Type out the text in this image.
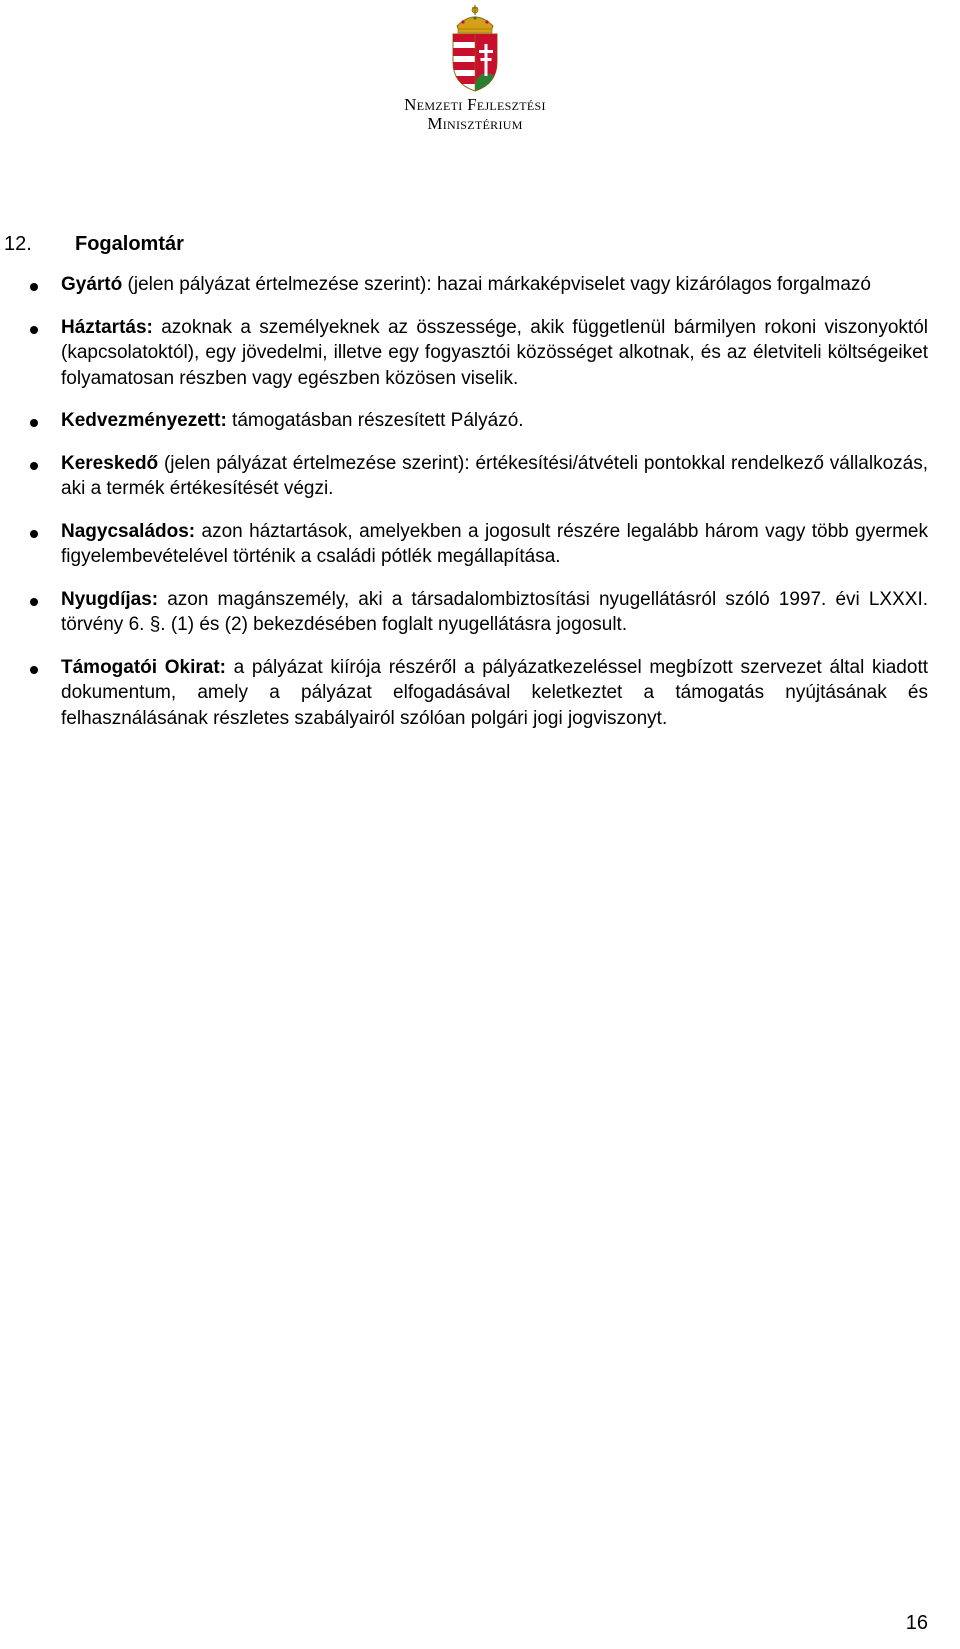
Nemzeti Fejlesztési
Minisztérium
12. Fogalomtár
Gyártó (jelen pályázat értelmezése szerint): hazai márkaképviselet vagy kizárólagos forgalmazó
Háztartás: azoknak a személyeknek az összessége, akik függetlenül bármilyen rokoni viszonyoktól (kapcsolatoktól), egy jövedelmi, illetve egy fogyasztói közösséget alkotnak, és az életviteli költségeiket folyamatosan részben vagy egészben közösen viselik.
Kedvezményezett: támogatásban részesített Pályázó.
Kereskedő (jelen pályázat értelmezése szerint): értékesítési/átvételi pontokkal rendelkező vállalkozás, aki a termék értékesítését végzi.
Nagycsaládos: azon háztartások, amelyekben a jogosult részére legalább három vagy több gyermek figyelembevételével történik a családi pótlék megállapítása.
Nyugdíjas: azon magánszemély, aki a társadalombiztosítási nyugellátásról szóló 1997. évi LXXXI. törvény 6. §. (1) és (2) bekezdésében foglalt nyugellátásra jogosult.
Támogatói Okirat: a pályázat kiírója részéről a pályázatkezeléssel megbízott szervezet által kiadott dokumentum, amely a pályázat elfogadásával keletkeztet a támogatás nyújtásának és felhasználásának részletes szabályairól szólóan polgári jogi jogviszonyt.
16
